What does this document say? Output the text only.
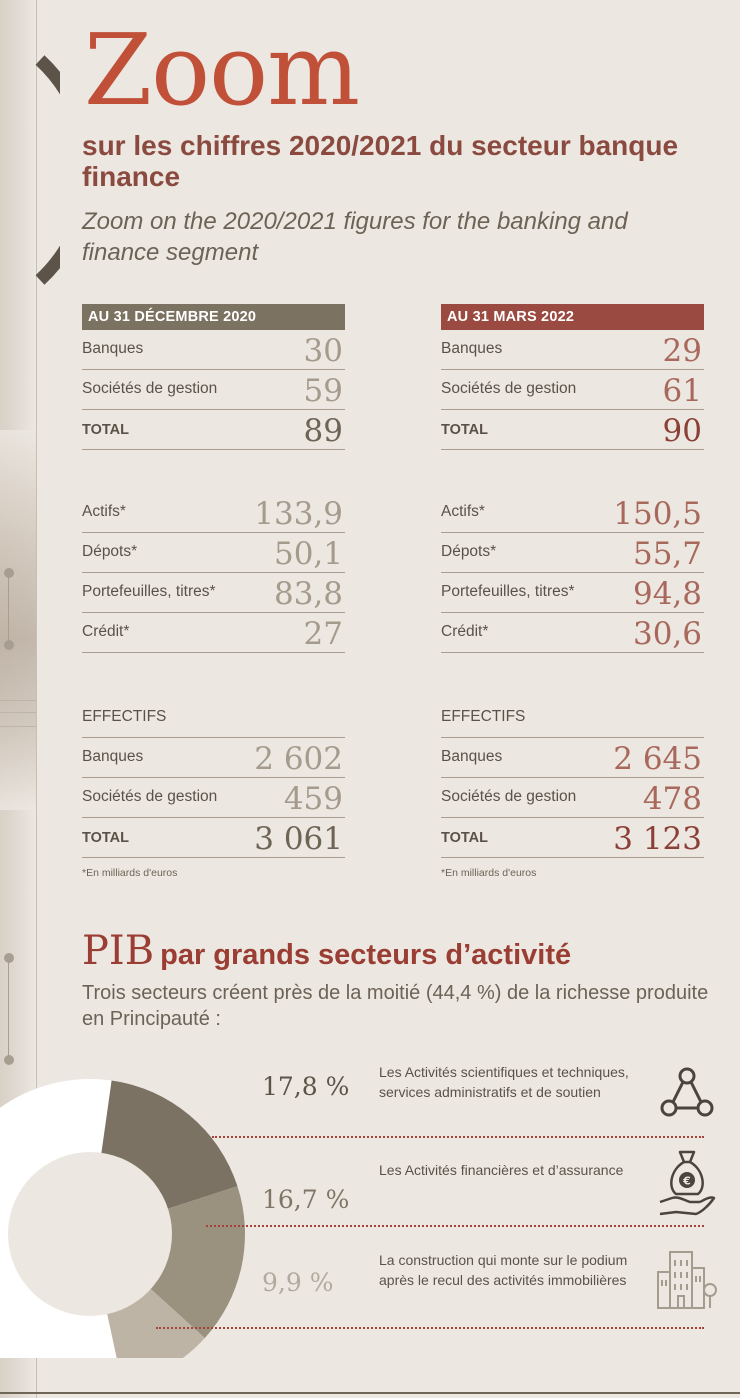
Zoom
sur les chiffres 2020/2021 du secteur banque finance
Zoom on the 2020/2021 figures for the banking and finance segment
AU 31 DÉCEMBRE 2020
Banques	30
Sociétés de gestion	59
TOTAL	89
Actifs*	133,9
Dépots*	50,1
Portefeuilles, titres* 83,8
Crédit*	27
EFFECTIFS
Banques	2 602
Sociétés de gestion 459
TOTAL	3 061
*En milliards d'euros
AU 31 MARS 2022
Banques	29
Sociétés de gestion	61
TOTAL	90
Actifs*	150,5
Dépots*	55,7
Portefeuilles, titres* 94,8
Crédit*	30,6
EFFECTIFS
Banques	2 645
Sociétés de gestion 478
TOTAL	3 123
*En milliards d'euros
PIB par grands secteurs d’activité
Trois secteurs créent près de la moitié (44,4 %) de la richesse produite en Principauté :
17,8 %
16,7 %
9,9 %
Les Activités scientifiques et techniques, services administratifs et de soutien
Les Activités financières et d’assurance
La construction qui monte sur le podium après le recul des activités immobilières
€
